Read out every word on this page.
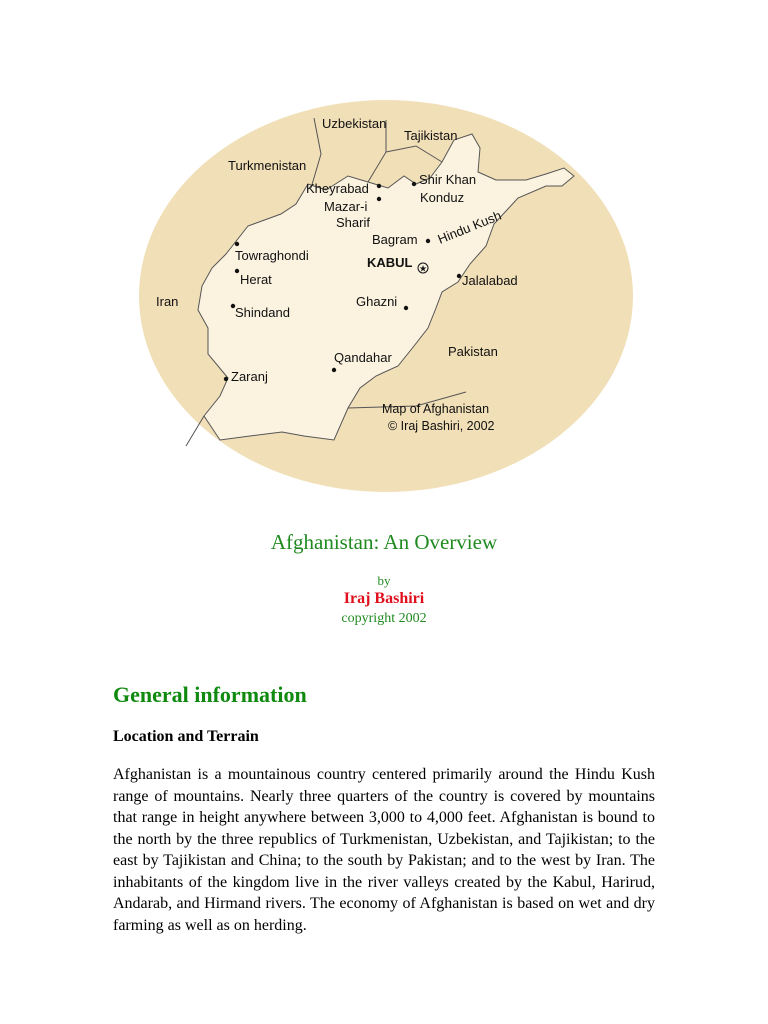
Uzbekistan
Tajikistan
Turkmenistan
Iran
Pakistan
★
Shir Khan
Kheyrabad
Konduz
Mazar-i
Sharif
Bagram
Towraghondi
Herat
KABUL
Jalalabad
Shindand
Ghazni
Qandahar
Zaranj
Hindu Kush
Map of Afghanistan
© Iraj Bashiri, 2002
Afghanistan: An Overview
by
Iraj Bashiri
copyright 2002
General information
Location and Terrain
Afghanistan is a mountainous country centered primarily around the Hindu Kush range of mountains. Nearly three quarters of the country is covered by mountains that range in height anywhere between 3,000 to 4,000 feet. Afghanistan is bound to the north by the three republics of Turkmenistan, Uzbekistan, and Tajikistan; to the east by Tajikistan and China; to the south by Pakistan; and to the west by Iran. The inhabitants of the kingdom live in the river valleys created by the Kabul, Harirud, Andarab, and Hirmand rivers. The economy of Afghanistan is based on wet and dry farming as well as on herding.
